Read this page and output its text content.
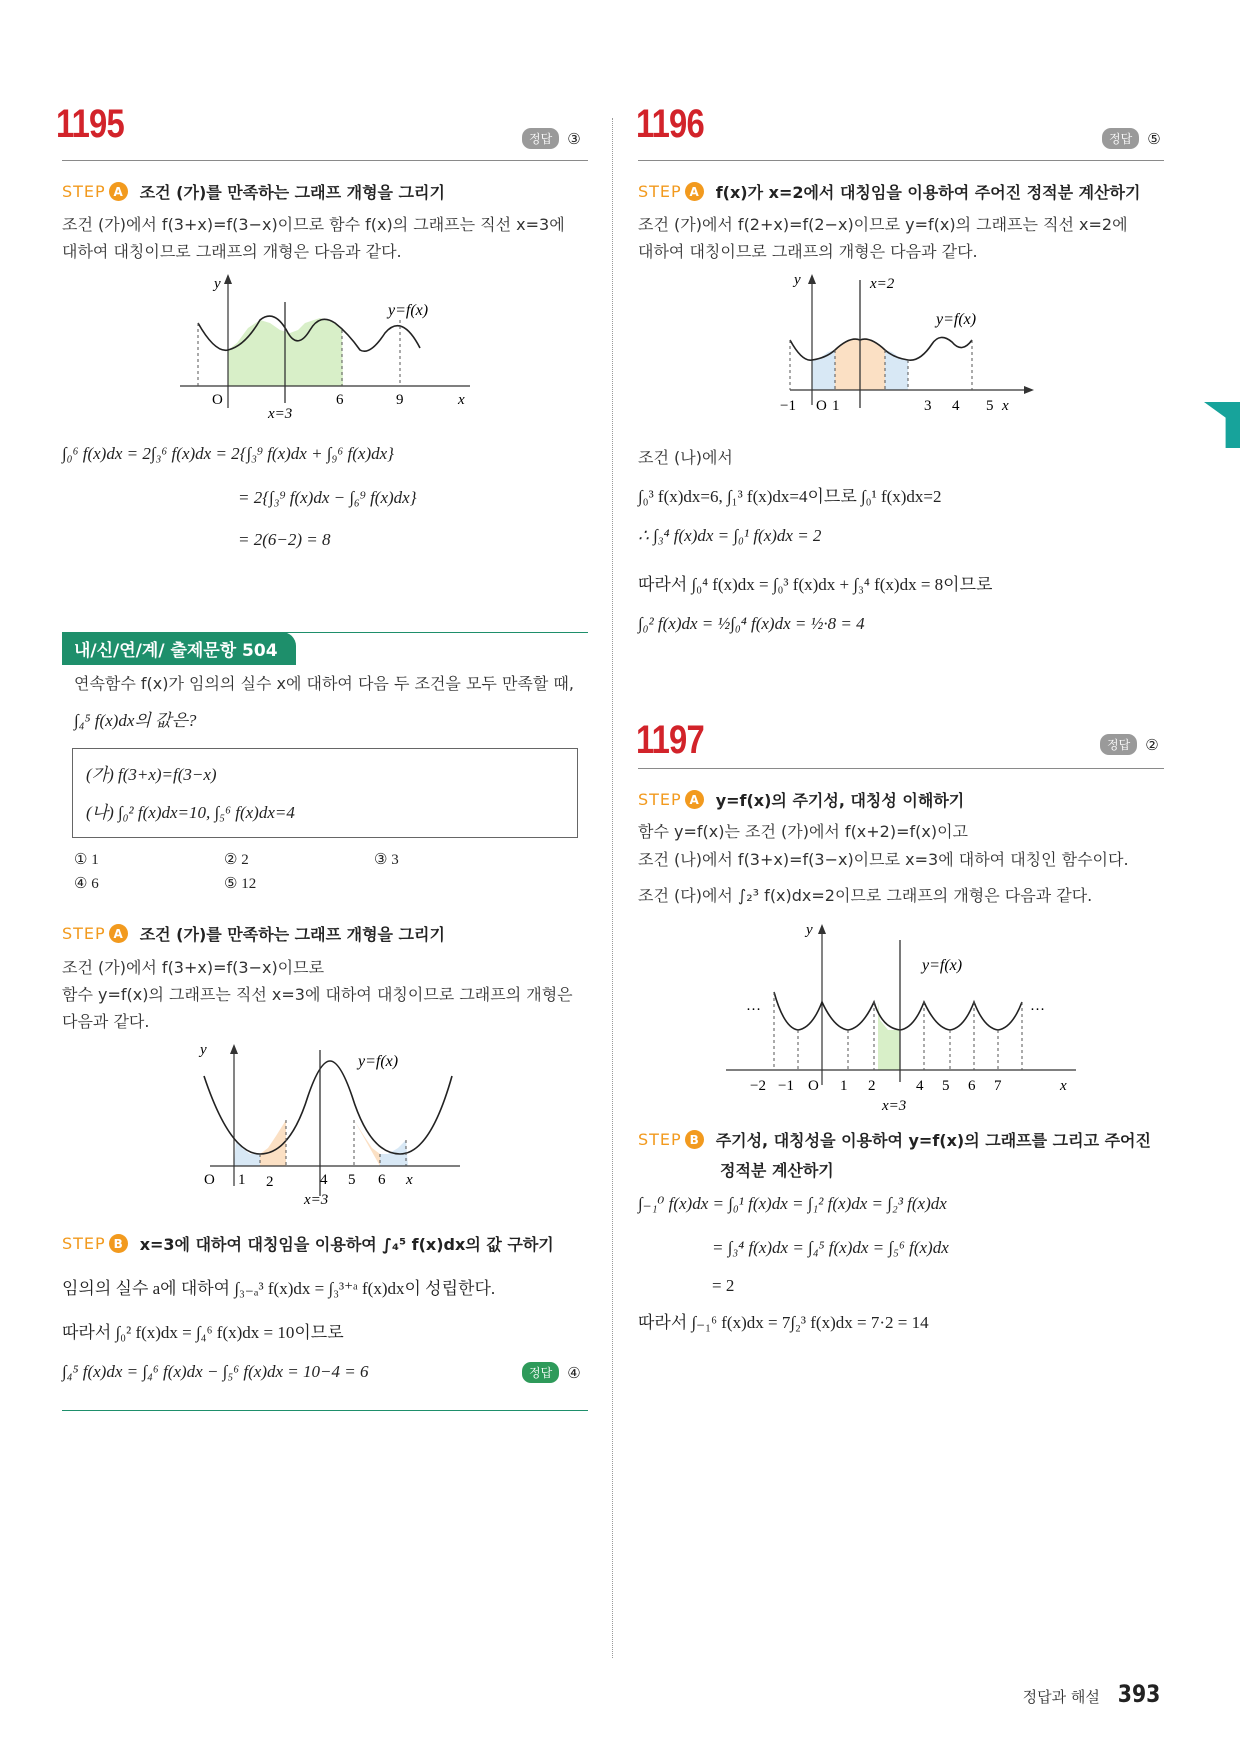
1195	정답	③
STEP A	조건 (가)를 만족하는 그래프 개형을 그리기
조건 (가)에서 f(3+x)=f(3−x)이므로 함수 f(x)의 그래프는 직선 x=3에
대하여 대칭이므로 그래프의 개형은 다음과 같다.
y
y=f(x)
O	6	9	x
x=3
∫₀⁶ f(x)dx = 2∫₃⁶ f(x)dx = 2{∫₃⁹ f(x)dx + ∫₉⁶ f(x)dx}
= 2{∫₃⁹ f(x)dx − ∫₆⁹ f(x)dx}
= 2(6−2) = 8
내/신/연/계/ 출제문항 504
연속함수 f(x)가 임의의 실수 x에 대하여 다음 두 조건을 모두 만족할 때,
∫₄⁵ f(x)dx의 값은?
(가) f(3+x)=f(3−x)
(나) ∫₀² f(x)dx=10, ∫₅⁶ f(x)dx=4
① 1	② 2	③ 3
④ 6	⑤ 12
STEP A	조건 (가)를 만족하는 그래프 개형을 그리기
조건 (가)에서 f(3+x)=f(3−x)이므로
함수 y=f(x)의 그래프는 직선 x=3에 대하여 대칭이므로 그래프의 개형은
다음과 같다.
y
y=f(x)
O 1 2	4 5 6 x
x=3
STEP B	x=3에 대하여 대칭임을 이용하여 ∫₄⁵ f(x)dx의 값 구하기
임의의 실수 a에 대하여 ∫₃₋ₐ³ f(x)dx = ∫₃³⁺ᵃ f(x)dx이 성립한다.
따라서 ∫₀² f(x)dx = ∫₄⁶ f(x)dx = 10이므로
∫₄⁵ f(x)dx = ∫₄⁶ f(x)dx − ∫₅⁶ f(x)dx = 10−4 = 6	정답	④
1196	정답	⑤
STEP A	f(x)가 x=2에서 대칭임을 이용하여 주어진 정적분 계산하기
조건 (가)에서 f(2+x)=f(2−x)이므로 y=f(x)의 그래프는 직선 x=2에
대하여 대칭이므로 그래프의 개형은 다음과 같다.
y	x=2
y=f(x)
−1 O 1	3 4 5 x
조건 (나)에서
∫₀³ f(x)dx=6, ∫₁³ f(x)dx=4이므로 ∫₀¹ f(x)dx=2
∴ ∫₃⁴ f(x)dx = ∫₀¹ f(x)dx = 2
따라서 ∫₀⁴ f(x)dx = ∫₀³ f(x)dx + ∫₃⁴ f(x)dx = 8이므로
∫₀² f(x)dx = ½∫₀⁴ f(x)dx = ½·8 = 4
1197	정답	②
STEP A	y=f(x)의 주기성, 대칭성 이해하기
함수 y=f(x)는 조건 (가)에서 f(x+2)=f(x)이고
조건 (나)에서 f(3+x)=f(3−x)이므로 x=3에 대하여 대칭인 함수이다.
조건 (다)에서 ∫₂³ f(x)dx=2이므로 그래프의 개형은 다음과 같다.
y
y=f(x)
…	…
−2 −1 O 1 2	4 5 6 7	x
x=3
STEP B	주기성, 대칭성을 이용하여 y=f(x)의 그래프를 그리고 주어진
정적분 계산하기
∫₋₁⁰ f(x)dx = ∫₀¹ f(x)dx = ∫₁² f(x)dx = ∫₂³ f(x)dx
= ∫₃⁴ f(x)dx = ∫₄⁵ f(x)dx = ∫₅⁶ f(x)dx
= 2
따라서 ∫₋₁⁶ f(x)dx = 7∫₂³ f(x)dx = 7·2 = 14
정답과 해설 393
